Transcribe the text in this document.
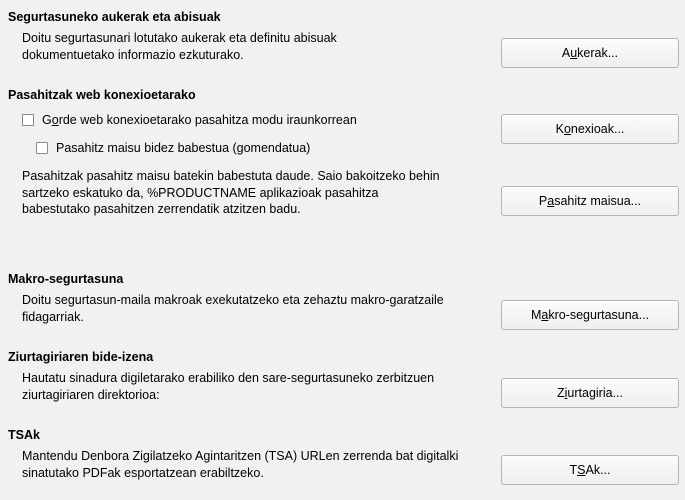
Segurtasuneko aukerak eta abisuak

Doitu segurtasunari lotutako aukerak eta definitu abisuak dokumentuetako informazio ezkuturako.

Pasahitzak web konexioetarako
Gorde web konexioetarako pasahitza modu iraunkorrean
Pasahitz maisu bidez babestua (gomendatua)

Pasahitzak pasahitz maisu batekin babestuta daude. Saio bakoitzeko behin sartzeko eskatuko da, %PRODUCTNAME aplikazioak pasahitza babestutako pasahitzen zerrendatik atzitzen badu.

Makro-segurtasuna

Doitu segurtasun-maila makroak exekutatzeko eta zehaztu makro-garatzaile fidagarriak.

Ziurtagiriaren bide-izena

Hautatu sinadura digiletarako erabiliko den sare-segurtasuneko zerbitzuen ziurtagiriaren direktorioa:

TSAk

Mantendu Denbora Zigilatzeko Agintaritzen (TSA) URLen zerrenda bat digitalki sinatutako PDFak esportatzean erabiltzeko.

Aukerak...
Konexioak...
Pasahitz maisua...
Makro-segurtasuna...
Ziurtagiria...
TSAk...
